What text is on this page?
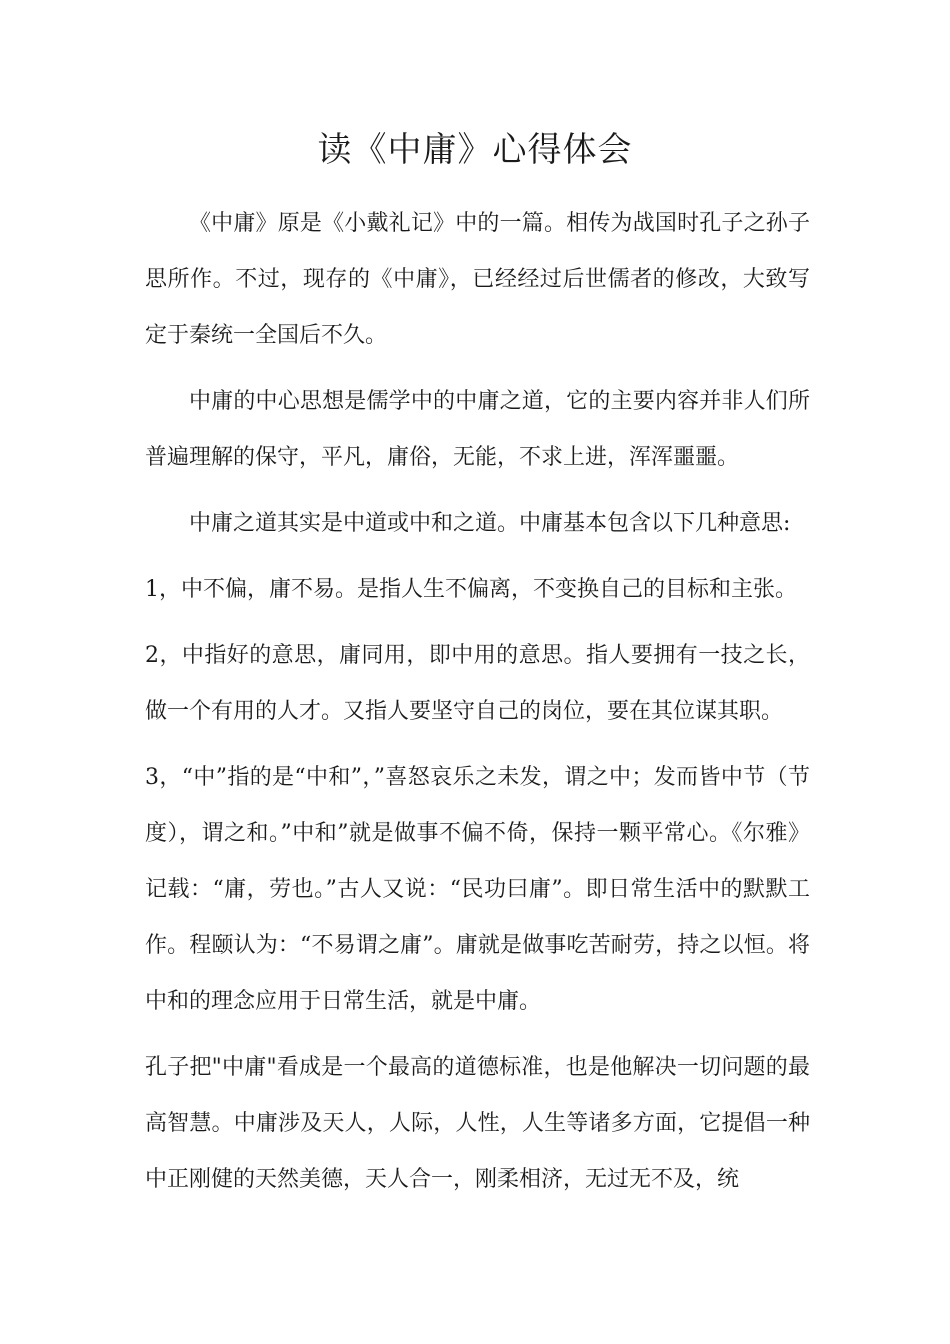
读《中庸》心得体会

《中庸》原是《小戴礼记》中的一篇。相传为战国时孔子之孙子思所作。不过，现存的《中庸》，已经经过后世儒者的修改，大致写定于秦统一全国后不久。

中庸的中心思想是儒学中的中庸之道，它的主要内容并非人们所普遍理解的保守，平凡，庸俗，无能，不求上进，浑浑噩噩。

中庸之道其实是中道或中和之道。中庸基本包含以下几种意思:

1，中不偏，庸不易。是指人生不偏离，不变换自己的目标和主张。

2，中指好的意思，庸同用，即中用的意思。指人要拥有一技之长，做一个有用的人才。又指人要坚守自己的岗位，要在其位谋其职。

3，“中”指的是“中和”，”喜怒哀乐之未发，谓之中；发而皆中节（节度），谓之和。”中和”就是做事不偏不倚，保持一颗平常心。《尔雅》记载：“庸，劳也。”古人又说：“民功曰庸”。即日常生活中的默默工作。程颐认为：“不易谓之庸”。庸就是做事吃苦耐劳，持之以恒。将中和的理念应用于日常生活，就是中庸。

孔子把"中庸"看成是一个最高的道德标准，也是他解决一切问题的最高智慧。中庸涉及天人，人际，人性，人生等诸多方面，它提倡一种中正刚健的天然美德，天人合一，刚柔相济，无过无不及，统
